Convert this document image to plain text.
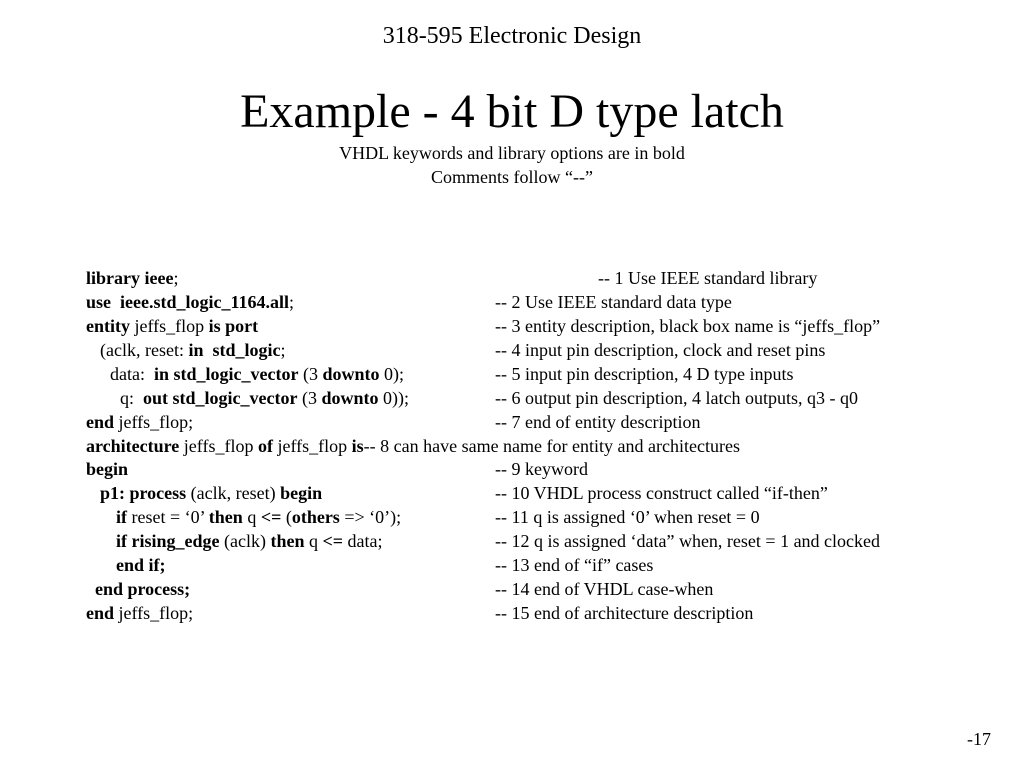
318-595 Electronic Design
Example - 4 bit D type latch
VHDL keywords and library options are in bold
Comments follow “--”
library ieee;	-- 1 Use IEEE standard library
use  ieee.std_logic_1164.all;	-- 2 Use IEEE standard data type
entity jeffs_flop is port	-- 3 entity description, black box name is “jeffs_flop”
(aclk, reset: in  std_logic;	-- 4 input pin description, clock and reset pins
data:  in std_logic_vector (3 downto 0);	-- 5 input pin description, 4 D type inputs
q:  out std_logic_vector (3 downto 0));	-- 6 output pin description, 4 latch outputs, q3 - q0
end jeffs_flop;	-- 7 end of entity description
architecture jeffs_flop of jeffs_flop is-- 8 can have same name for entity and architectures
begin	-- 9 keyword
p1: process (aclk, reset) begin	-- 10 VHDL process construct called “if-then”
if reset = ‘0’ then q <= (others => ‘0’);	-- 11 q is assigned ‘0’ when reset = 0
if rising_edge (aclk) then q <= data;	-- 12 q is assigned ‘data” when, reset = 1 and clocked
end if;	-- 13 end of “if” cases
end process;	-- 14 end of VHDL case-when
end jeffs_flop;	-- 15 end of architecture description
-17
